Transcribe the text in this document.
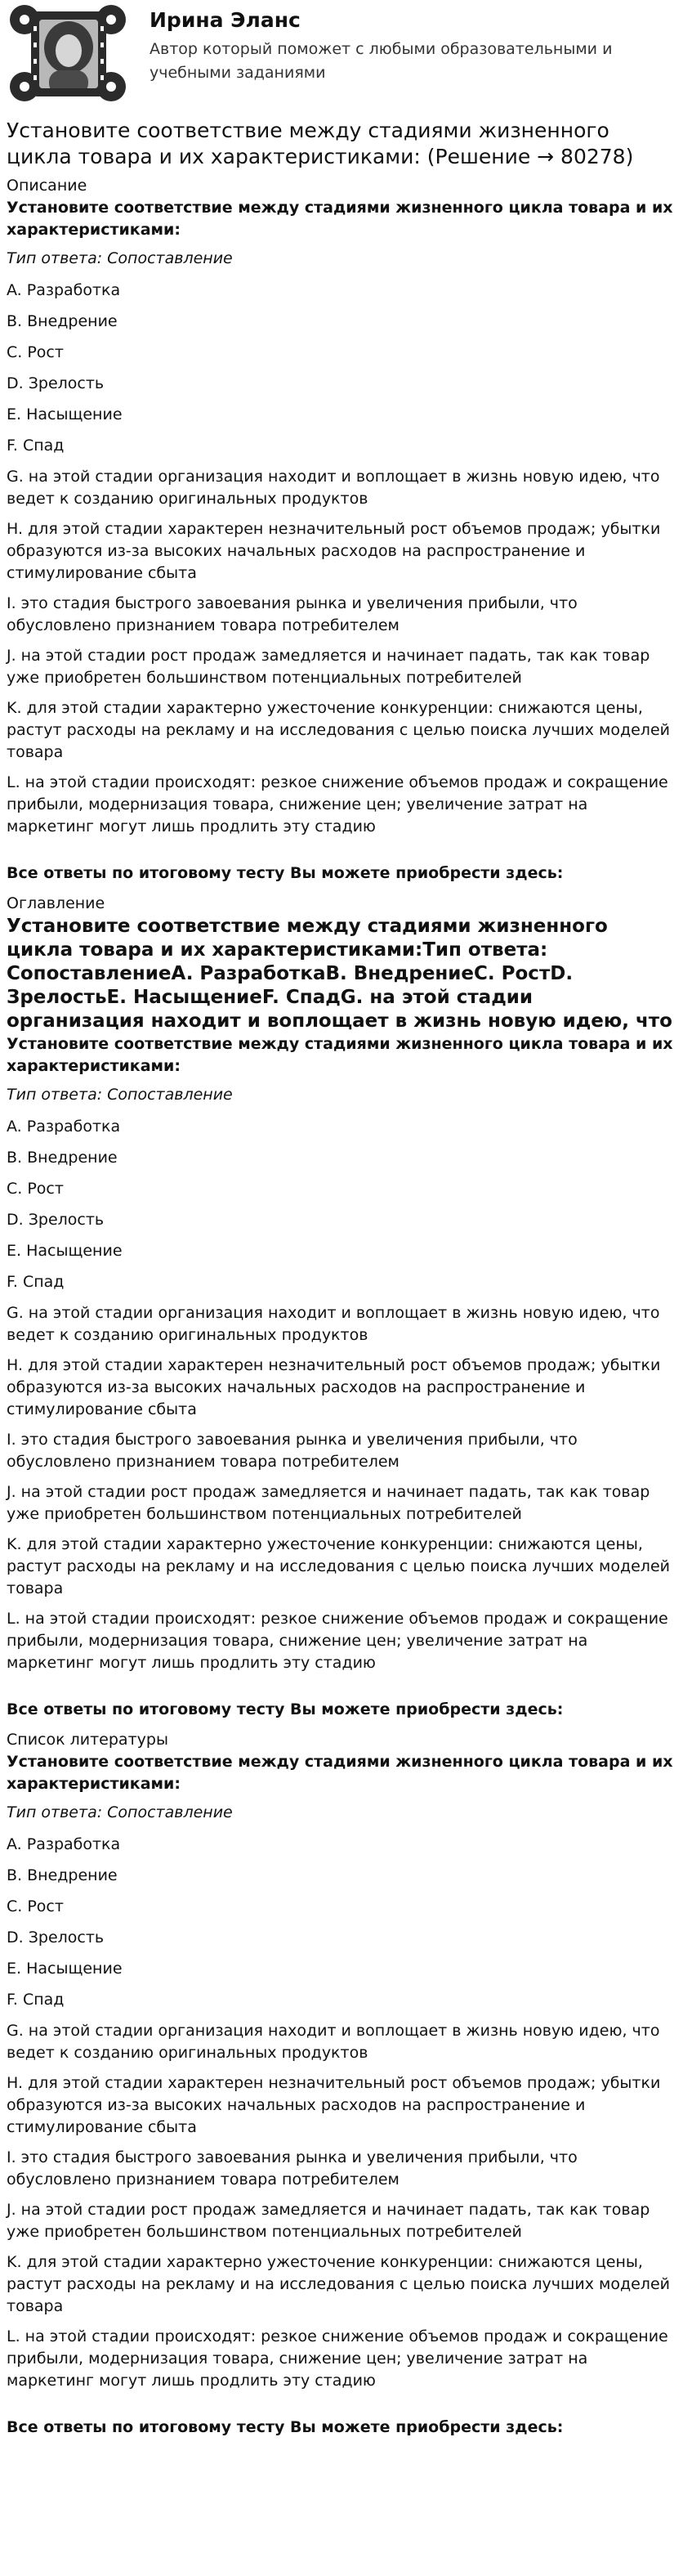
Ирина Эланс
Автор который поможет с любыми образовательными и учебными заданиями
Установите соответствие между стадиями жизненного цикла товара и их характеристиками: (Решение → 80278)
Описание
Установите соответствие между стадиями жизненного цикла товара и их характеристиками:
Тип ответа: Сопоставление
A. Разработка
B. Внедрение
C. Рост
D. Зрелость
E. Насыщение
F. Спад
G. на этой стадии организация находит и воплощает в жизнь новую идею, что ведет к созданию оригинальных продуктов
H. для этой стадии характерен незначительный рост объемов продаж; убытки образуются из-за высоких начальных расходов на распространение и стимулирование сбыта
I. это стадия быстрого завоевания рынка и увеличения прибыли, что обусловлено признанием товара потребителем
J. на этой стадии рост продаж замедляется и начинает падать, так как товар уже приобретен большинством потенциальных потребителей
K. для этой стадии характерно ужесточение конкуренции: снижаются цены, растут расходы на рекламу и на исследования с целью поиска лучших моделей товара
L. на этой стадии происходят: резкое снижение объемов продаж и сокращение прибыли, модернизация товара, снижение цен; увеличение затрат на маркетинг могут лишь продлить эту стадию
Все ответы по итоговому тесту Вы можете приобрести здесь:
Оглавление
Установите соответствие между стадиями жизненного цикла товара и их характеристиками:Тип ответа: СопоставлениеA. РазработкаB. ВнедрениеC. РостD. ЗрелостьE. НасыщениеF. СпадG. на этой стадии организация находит и воплощает в жизнь новую идею, что
Установите соответствие между стадиями жизненного цикла товара и их характеристиками:
Тип ответа: Сопоставление
A. Разработка
B. Внедрение
C. Рост
D. Зрелость
E. Насыщение
F. Спад
G. на этой стадии организация находит и воплощает в жизнь новую идею, что ведет к созданию оригинальных продуктов
H. для этой стадии характерен незначительный рост объемов продаж; убытки образуются из-за высоких начальных расходов на распространение и стимулирование сбыта
I. это стадия быстрого завоевания рынка и увеличения прибыли, что обусловлено признанием товара потребителем
J. на этой стадии рост продаж замедляется и начинает падать, так как товар уже приобретен большинством потенциальных потребителей
K. для этой стадии характерно ужесточение конкуренции: снижаются цены, растут расходы на рекламу и на исследования с целью поиска лучших моделей товара
L. на этой стадии происходят: резкое снижение объемов продаж и сокращение прибыли, модернизация товара, снижение цен; увеличение затрат на маркетинг могут лишь продлить эту стадию
Все ответы по итоговому тесту Вы можете приобрести здесь:
Список литературы
Установите соответствие между стадиями жизненного цикла товара и их характеристиками:
Тип ответа: Сопоставление
A. Разработка
B. Внедрение
C. Рост
D. Зрелость
E. Насыщение
F. Спад
G. на этой стадии организация находит и воплощает в жизнь новую идею, что ведет к созданию оригинальных продуктов
H. для этой стадии характерен незначительный рост объемов продаж; убытки образуются из-за высоких начальных расходов на распространение и стимулирование сбыта
I. это стадия быстрого завоевания рынка и увеличения прибыли, что обусловлено признанием товара потребителем
J. на этой стадии рост продаж замедляется и начинает падать, так как товар уже приобретен большинством потенциальных потребителей
K. для этой стадии характерно ужесточение конкуренции: снижаются цены, растут расходы на рекламу и на исследования с целью поиска лучших моделей товара
L. на этой стадии происходят: резкое снижение объемов продаж и сокращение прибыли, модернизация товара, снижение цен; увеличение затрат на маркетинг могут лишь продлить эту стадию
Все ответы по итоговому тесту Вы можете приобрести здесь:
